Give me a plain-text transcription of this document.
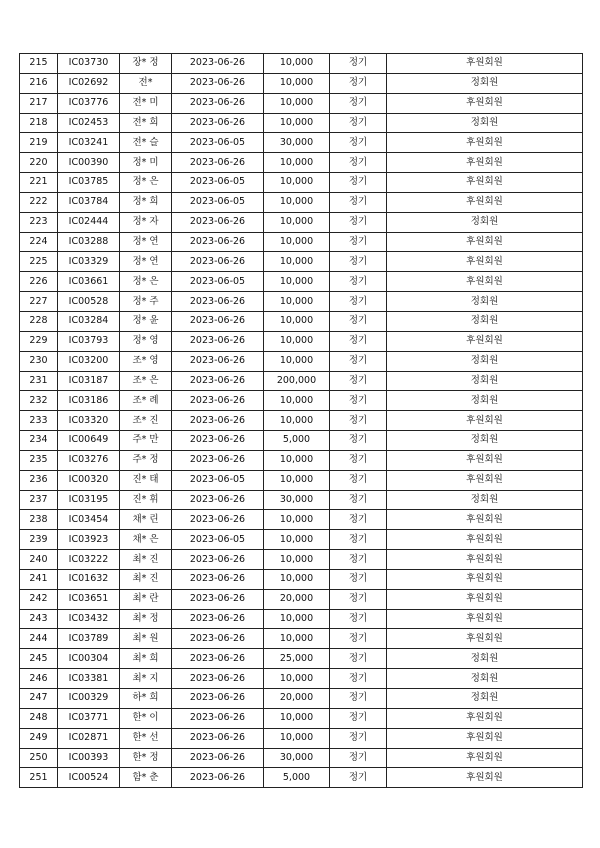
215	IC03730	장* 정	2023-06-26	10,000	정기	후원회원
216	IC02692	전*	2023-06-26	10,000	정기	정회원
217	IC03776	전* 미	2023-06-26	10,000	정기	후원회원
218	IC02453	전* 희	2023-06-26	10,000	정기	정회원
219	IC03241	전* 슬	2023-06-05	30,000	정기	후원회원
220	IC00390	정* 미	2023-06-26	10,000	정기	후원회원
221	IC03785	정* 은	2023-06-05	10,000	정기	후원회원
222	IC03784	정* 희	2023-06-05	10,000	정기	후원회원
223	IC02444	정* 자	2023-06-26	10,000	정기	정회원
224	IC03288	정* 연	2023-06-26	10,000	정기	후원회원
225	IC03329	정* 연	2023-06-26	10,000	정기	후원회원
226	IC03661	정* 은	2023-06-05	10,000	정기	후원회원
227	IC00528	정* 주	2023-06-26	10,000	정기	정회원
228	IC03284	정* 윤	2023-06-26	10,000	정기	정회원
229	IC03793	정* 영	2023-06-26	10,000	정기	후원회원
230	IC03200	조* 영	2023-06-26	10,000	정기	정회원
231	IC03187	조* 은	2023-06-26	200,000	정기	정회원
232	IC03186	조* 례	2023-06-26	10,000	정기	정회원
233	IC03320	조* 진	2023-06-26	10,000	정기	후원회원
234	IC00649	주* 만	2023-06-26	5,000	정기	정회원
235	IC03276	주* 정	2023-06-26	10,000	정기	후원회원
236	IC00320	진* 태	2023-06-05	10,000	정기	후원회원
237	IC03195	진* 휘	2023-06-26	30,000	정기	정회원
238	IC03454	채* 린	2023-06-26	10,000	정기	후원회원
239	IC03923	채* 은	2023-06-05	10,000	정기	후원회원
240	IC03222	최* 진	2023-06-26	10,000	정기	후원회원
241	IC01632	최* 진	2023-06-26	10,000	정기	후원회원
242	IC03651	최* 란	2023-06-26	20,000	정기	후원회원
243	IC03432	최* 정	2023-06-26	10,000	정기	후원회원
244	IC03789	최* 원	2023-06-26	10,000	정기	후원회원
245	IC00304	최* 희	2023-06-26	25,000	정기	정회원
246	IC03381	최* 지	2023-06-26	10,000	정기	정회원
247	IC00329	하* 희	2023-06-26	20,000	정기	정회원
248	IC03771	한* 이	2023-06-26	10,000	정기	후원회원
249	IC02871	한* 선	2023-06-26	10,000	정기	후원회원
250	IC00393	한* 정	2023-06-26	30,000	정기	후원회원
251	IC00524	함* 춘	2023-06-26	5,000	정기	후원회원
